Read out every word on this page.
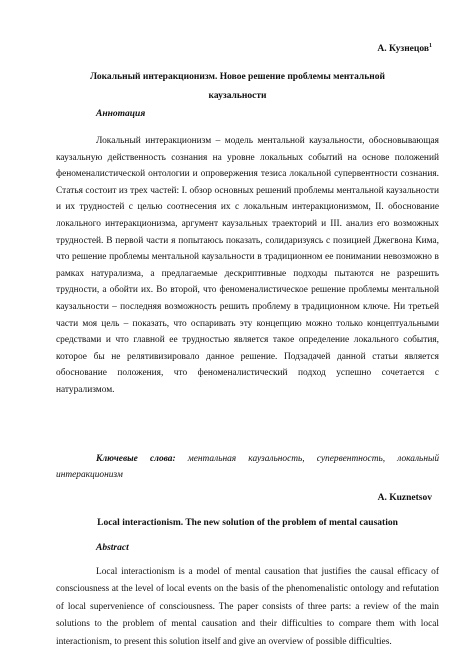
А. Кузнецов$^1$
Локальный интеракционизм. Новое решение проблемы ментальной каузальности
Аннотация

Локальный интеракционизм – модель ментальной каузальности, обосновывающая каузальную действенность сознания на уровне локальных событий на основе положений феноменалистической онтологии и опровержения тезиса локальной супервентности сознания. Статья состоит из трех частей: I. обзор основных решений проблемы ментальной каузальности и их трудностей с целью соотнесения их с локальным интеракционизмом, II. обоснование локального интеракционизма, аргумент каузальных траекторий и III. анализ его возможных трудностей. В первой части я попытаюсь показать, солидаризуясь с позицией Джегвона Кима, что решение проблемы ментальной каузальности в традиционном ее понимании невозможно в рамках натурализма, а предлагаемые дескриптивные подходы пытаются не разрешить трудности, а обойти их. Во второй, что феноменалистическое решение проблемы ментальной каузальности – последняя возможность решить проблему в традиционном ключе. Ни третьей части моя цель – показать, что оспаривать эту концепцию можно только концептуальными средствами и что главной ее трудностью является такое определение локального события, которое бы не релятивизировало данное решение. Подзадачей данной статьи является обоснование положения, что феноменалистический подход успешно сочетается с натурализмом.

Ключевые слова: ментальная каузальность, супервентность, локальный интеракционизм
A. Kuznetsov
Local interactionism. The new solution of the problem of mental causation
Abstract

Local interactionism is a model of mental causation that justifies the causal efficacy of consciousness at the level of local events on the basis of the phenomenalistic ontology and refutation of local supervenience of consciousness. The paper consists of three parts: a review of the main solutions to the problem of mental causation and their difficulties to compare them with local interactionism, to present this solution itself and give an overview of possible difficulties.
